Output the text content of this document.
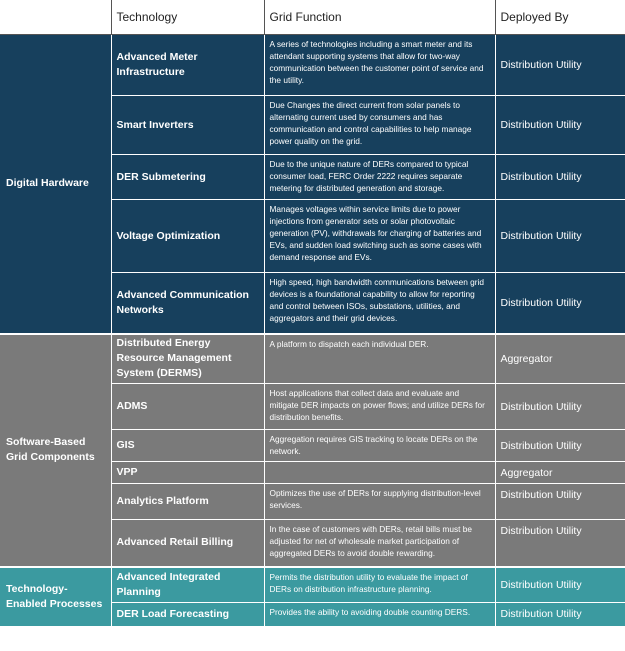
	Technology	Grid Function	Deployed By
Digital Hardware	Advanced Meter Infrastructure	A series of technologies including a smart meter and its attendant supporting systems that allow for two-way communication between the customer point of service and the utility.	Distribution Utility
	Smart Inverters	Due Changes the direct current from solar panels to alternating current used by consumers and has communication and control capabilities to help manage power quality on the grid.	Distribution Utility
	DER Submetering	Due to the unique nature of DERs compared to typical consumer load, FERC Order 2222 requires separate metering for distributed generation and storage.	Distribution Utility
	Voltage Optimization	Manages voltages within service limits due to power injections from generator sets or solar photovoltaic generation (PV), withdrawals for charging of batteries and EVs, and sudden load switching such as some cases with demand response and EVs.	Distribution Utility
	Advanced Communication Networks	High speed, high bandwidth communications between grid devices is a foundational capability to allow for reporting and control between ISOs, substations, utilities, and aggregators and their grid devices.	Distribution Utility
Software-Based Grid Components	Distributed Energy Resource Management System (DERMS)	A platform to dispatch each individual DER.	Aggregator
	ADMS	Host applications that collect data and evaluate and mitigate DER impacts on power flows; and utilize DERs for distribution benefits.	Distribution Utility
	GIS	Aggregation requires GIS tracking to locate DERs on the network.	Distribution Utility
	VPP		Aggregator
	Analytics Platform	Optimizes the use of DERs for supplying distribution-level services.	Distribution Utility
	Advanced Retail Billing	In the case of customers with DERs, retail bills must be adjusted for net of wholesale market participation of aggregated DERs to avoid double rewarding.	Distribution Utility
Technology-Enabled Processes	Advanced Integrated Planning	Permits the distribution utility to evaluate the impact of DERs on distribution infrastructure planning.	Distribution Utility
	DER Load Forecasting	Provides the ability to avoiding double counting DERS.	Distribution Utility
